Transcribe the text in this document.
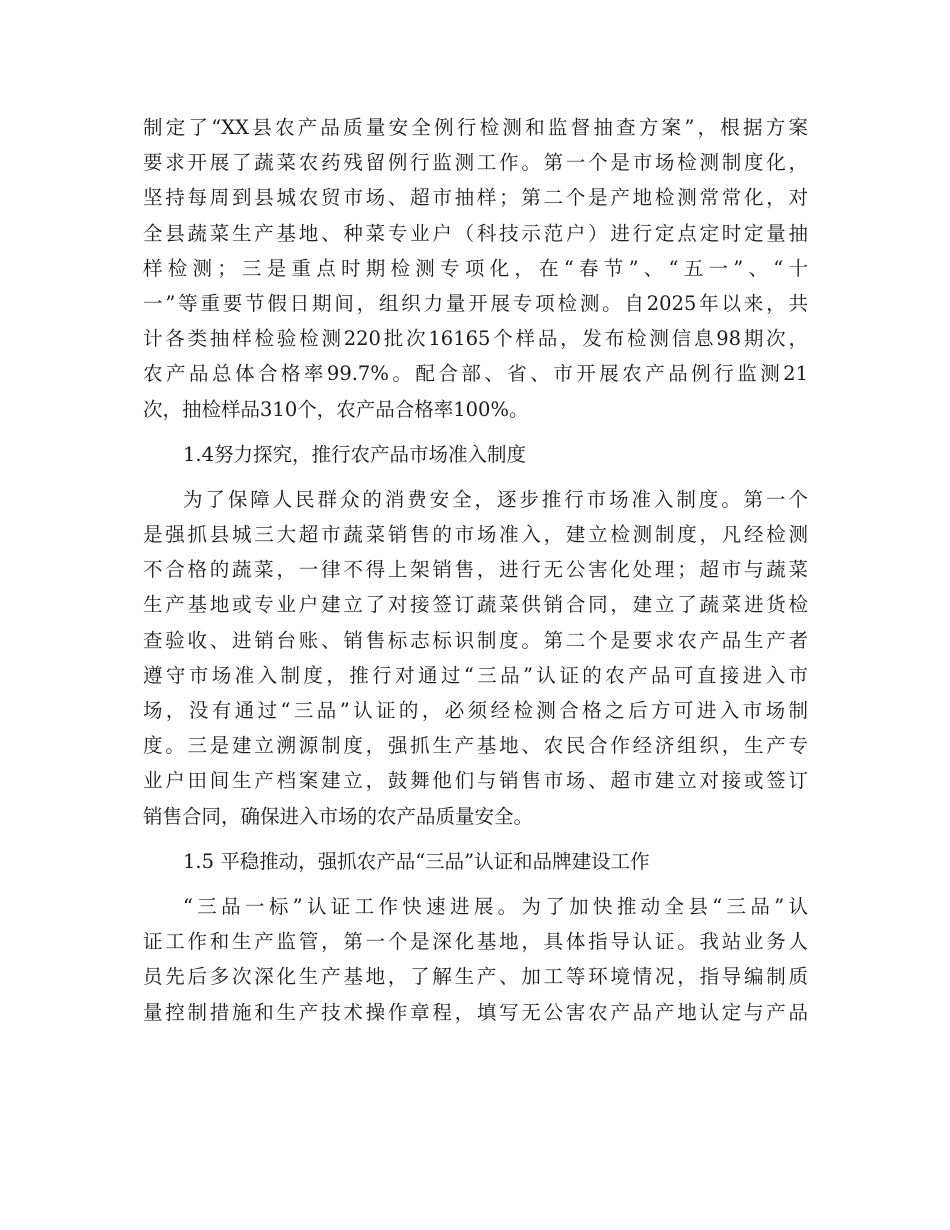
制定了“XX县农产品质量安全例行检测和监督抽查方案”，根据方案
要求开展了蔬菜农药残留例行监测工作。第一个是市场检测制度化，
坚持每周到县城农贸市场、超市抽样；第二个是产地检测常常化，对
全县蔬菜生产基地、种菜专业户（科技示范户）进行定点定时定量抽
样检测；三是重点时期检测专项化，在“春节”、“五一”、“十
一”等重要节假日期间，组织力量开展专项检测。自2025年以来，共
计各类抽样检验检测220批次16165个样品，发布检测信息98期次，
农产品总体合格率99.7%。配合部、省、市开展农产品例行监测21
次，抽检样品310个，农产品合格率100%。
1.4努力探究，推行农产品市场准入制度
为了保障人民群众的消费安全，逐步推行市场准入制度。第一个
是强抓县城三大超市蔬菜销售的市场准入，建立检测制度，凡经检测
不合格的蔬菜，一律不得上架销售，进行无公害化处理；超市与蔬菜
生产基地或专业户建立了对接签订蔬菜供销合同，建立了蔬菜进货检
查验收、进销台账、销售标志标识制度。第二个是要求农产品生产者
遵守市场准入制度，推行对通过“三品”认证的农产品可直接进入市
场，没有通过“三品”认证的，必须经检测合格之后方可进入市场制
度。三是建立溯源制度，强抓生产基地、农民合作经济组织，生产专
业户田间生产档案建立，鼓舞他们与销售市场、超市建立对接或签订
销售合同，确保进入市场的农产品质量安全。
1.5 平稳推动，强抓农产品“三品”认证和品牌建设工作
“三品一标”认证工作快速进展。为了加快推动全县“三品”认
证工作和生产监管，第一个是深化基地，具体指导认证。我站业务人
员先后多次深化生产基地，了解生产、加工等环境情况，指导编制质
量控制措施和生产技术操作章程，填写无公害农产品产地认定与产品
